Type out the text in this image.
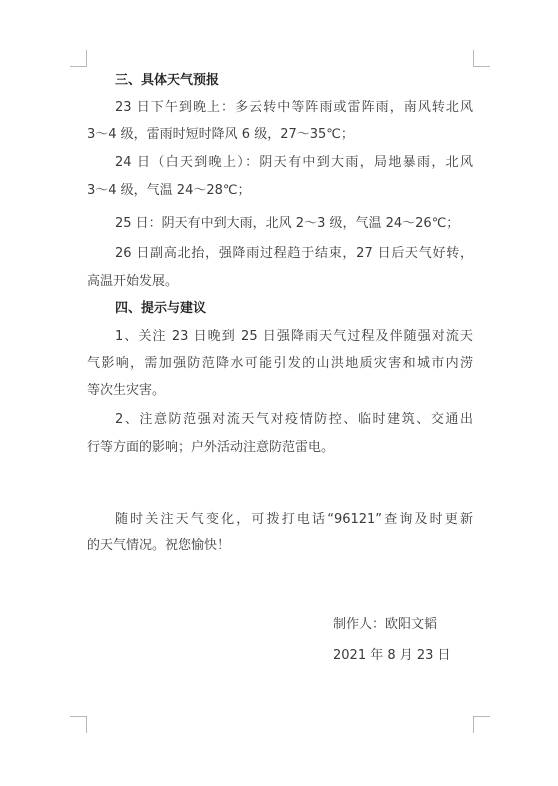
三、具体天气预报
23 日下午到晚上：多云转中等阵雨或雷阵雨，南风转北风
3～4 级，雷雨时短时降风 6 级，27～35℃；
24 日（白天到晚上）：阴天有中到大雨，局地暴雨，北风
3～4 级，气温 24～28℃；
25 日：阴天有中到大雨，北风 2～3 级，气温 24～26℃；
26 日副高北抬，强降雨过程趋于结束，27 日后天气好转，
高温开始发展。
四、提示与建议
1、关注 23 日晚到 25 日强降雨天气过程及伴随强对流天
气影响，需加强防范降水可能引发的山洪地质灾害和城市内涝
等次生灾害。
2、注意防范强对流天气对疫情防控、临时建筑、交通出
行等方面的影响；户外活动注意防范雷电。
随时关注天气变化，可拨打电话“96121”查询及时更新
的天气情况。祝您愉快！
制作人：欧阳文韬
2021 年 8 月 23 日
